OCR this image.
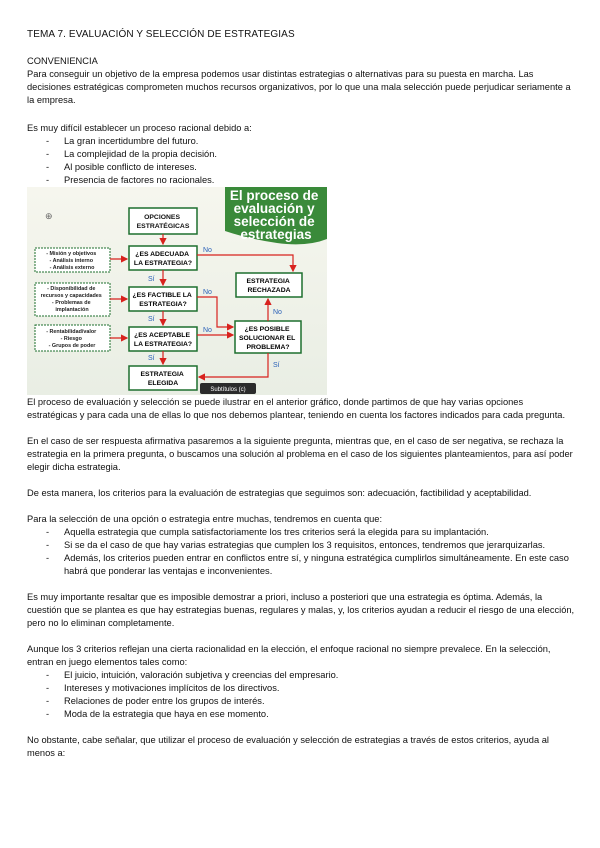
TEMA 7. EVALUACIÓN Y SELECCIÓN DE ESTRATEGIAS

CONVENIENCIA

Para conseguir un objetivo de la empresa podemos usar distintas estrategias o alternativas para su puesta en marcha. Las decisiones estratégicas comprometen muchos recursos organizativos, por lo que una mala selección puede perjudicar seriamente a la empresa.

Es muy difícil establecer un proceso racional debido a:

- La gran incertidumbre del futuro.
- La complejidad de la propia decisión.
- Al posible conflicto de intereses.
- Presencia de factores no racionales.
El proceso de evaluación y selección de estrategias
⊕	OPCIONES ESTRATÉGICAS
¿ES ADECUADA LA ESTRATEGIA?
- Misión y objetivos - Análisis interno - Análisis externo
No
Sí	ESTRATEGIA RECHAZADA
¿ES FACTIBLE LA ESTRATEGIA?
- Disponibilidad de recursos y capacidades - Problemas de implantación
No
Sí
¿ES ACEPTABLE LA ESTRATEGIA?
- Rentabilidad/valor - Riesgo - Grupos de poder
No	¿ES POSIBLE SOLUCIONAR EL PROBLEMA?
No
Sí
Sí
ESTRATEGIA ELEGIDA
Subtítulos (c)

El proceso de evaluación y selección se puede ilustrar en el anterior gráfico, donde partimos de que hay varias opciones estratégicas y para cada una de ellas lo que nos debemos plantear, teniendo en cuenta los factores indicados para cada pregunta.

En el caso de ser respuesta afirmativa pasaremos a la siguiente pregunta, mientras que, en el caso de ser negativa, se rechaza la estrategia en la primera pregunta, o buscamos una solución al problema en el caso de los siguientes planteamientos, para así poder elegir dicha estrategia.

De esta manera, los criterios para la evaluación de estrategias que seguimos son: adecuación, factibilidad y aceptabilidad.

Para la selección de una opción o estrategia entre muchas, tendremos en cuenta que:

- Aquella estrategia que cumpla satisfactoriamente los tres criterios será la elegida para su implantación.
- Si se da el caso de que hay varias estrategias que cumplen los 3 requisitos, entonces, tendremos que jerarquizarlas.
- Además, los criterios pueden entrar en conflictos entre sí, y ninguna estratégica cumplirlos simultáneamente. En este caso habrá que ponderar las ventajas e inconvenientes.

Es muy importante resaltar que es imposible demostrar a priori, incluso a posteriori que una estrategia es óptima. Además, la cuestión que se plantea es que hay estrategias buenas, regulares y malas, y, los criterios ayudan a reducir el riesgo de una elección, pero no lo eliminan completamente.

Aunque los 3 criterios reflejan una cierta racionalidad en la elección, el enfoque racional no siempre prevalece. En la selección, entran en juego elementos tales como:

- El juicio, intuición, valoración subjetiva y creencias del empresario.
- Intereses y motivaciones implícitos de los directivos.
- Relaciones de poder entre los grupos de interés.
- Moda de la estrategia que haya en ese momento.

No obstante, cabe señalar, que utilizar el proceso de evaluación y selección de estrategias a través de estos criterios, ayuda al menos a:
